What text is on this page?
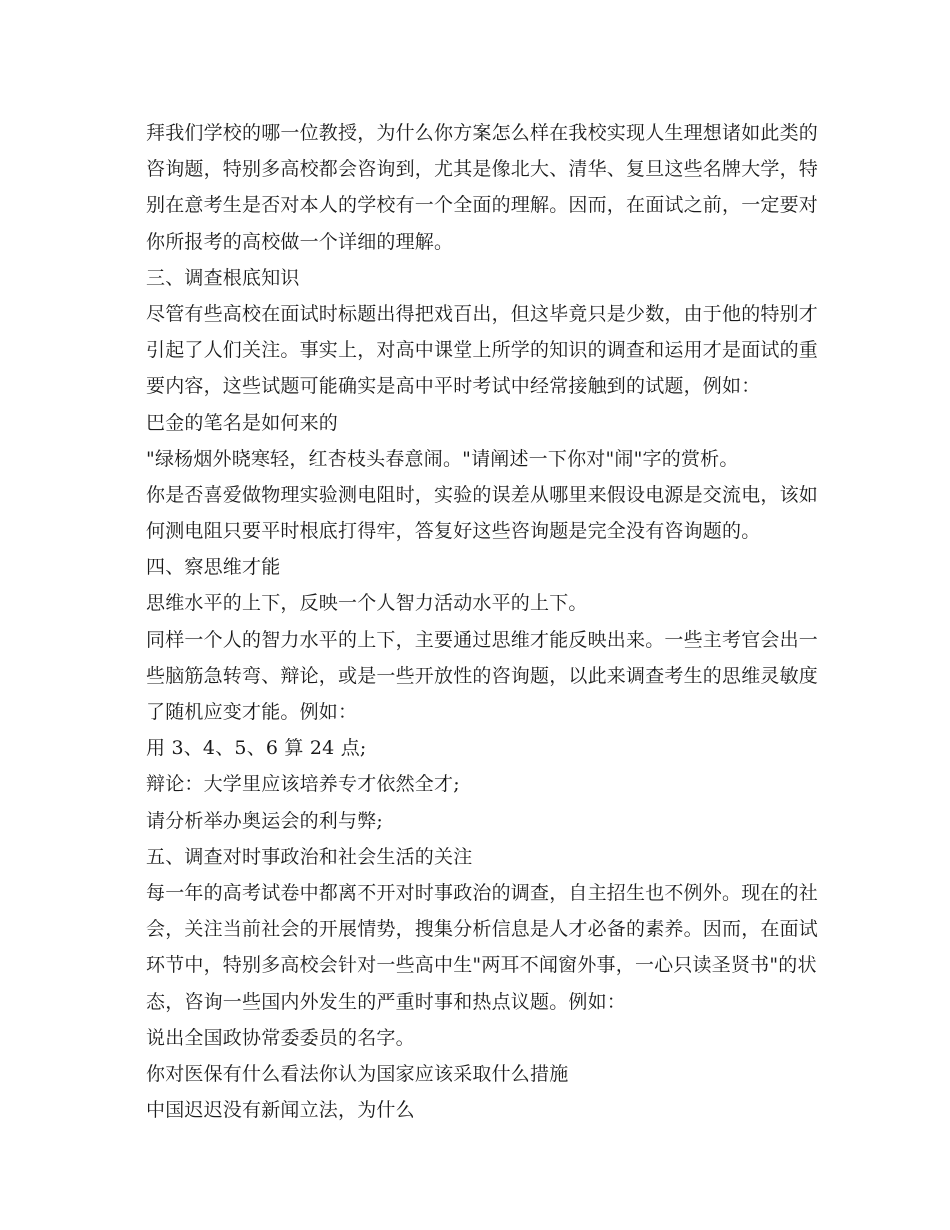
拜我们学校的哪一位教授，为什么你方案怎么样在我校实现人生理想诸如此类的
咨询题，特别多高校都会咨询到，尤其是像北大、清华、复旦这些名牌大学，特
别在意考生是否对本人的学校有一个全面的理解。因而，在面试之前，一定要对
你所报考的高校做一个详细的理解。
三、调查根底知识
尽管有些高校在面试时标题出得把戏百出，但这毕竟只是少数，由于他的特别才
引起了人们关注。事实上，对高中课堂上所学的知识的调查和运用才是面试的重
要内容，这些试题可能确实是高中平时考试中经常接触到的试题，例如：
巴金的笔名是如何来的
"绿杨烟外晓寒轻，红杏枝头春意闹。"请阐述一下你对"闹"字的赏析。
你是否喜爱做物理实验测电阻时，实验的误差从哪里来假设电源是交流电，该如
何测电阻只要平时根底打得牢，答复好这些咨询题是完全没有咨询题的。
四、察思维才能
思维水平的上下，反映一个人智力活动水平的上下。
同样一个人的智力水平的上下，主要通过思维才能反映出来。一些主考官会出一
些脑筋急转弯、辩论，或是一些开放性的咨询题，以此来调查考生的思维灵敏度
了随机应变才能。例如：
用 3、4、5、6 算 24 点;
辩论：大学里应该培养专才依然全才;
请分析举办奥运会的利与弊;
五、调查对时事政治和社会生活的关注
每一年的高考试卷中都离不开对时事政治的调查，自主招生也不例外。现在的社
会，关注当前社会的开展情势，搜集分析信息是人才必备的素养。因而，在面试
环节中，特别多高校会针对一些高中生"两耳不闻窗外事，一心只读圣贤书"的状
态，咨询一些国内外发生的严重时事和热点议题。例如：
说出全国政协常委委员的名字。
你对医保有什么看法你认为国家应该采取什么措施
中国迟迟没有新闻立法，为什么
